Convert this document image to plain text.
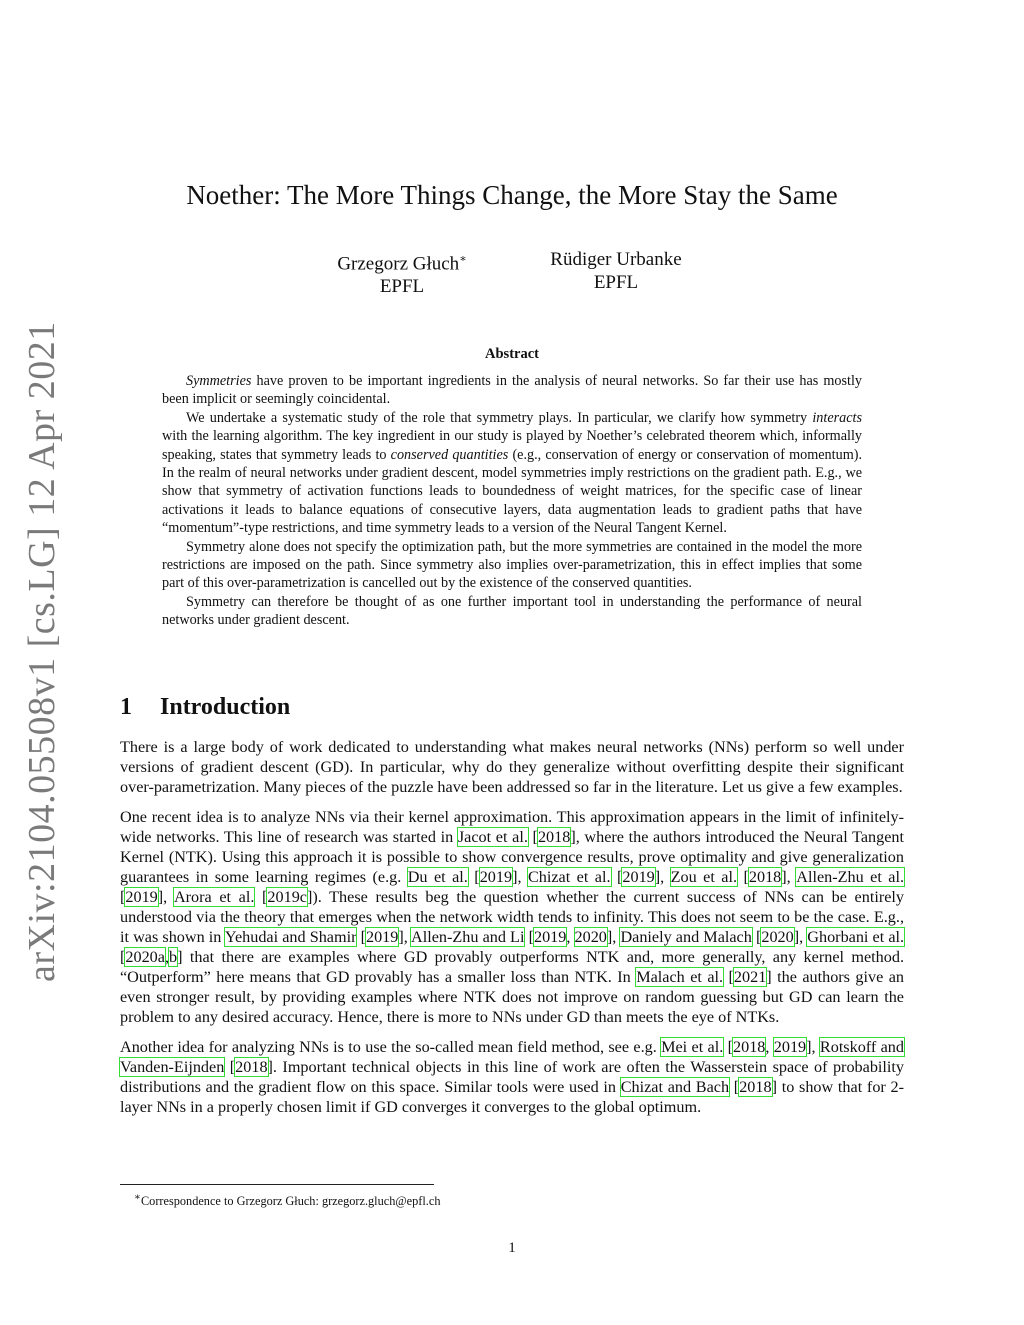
arXiv:2104.05508v1 [cs.LG] 12 Apr 2021
Noether: The More Things Change, the More Stay the Same
Grzegorz Głuch∗
EPFL
Rüdiger Urbanke
EPFL
Abstract

Symmetries have proven to be important ingredients in the analysis of neural networks. So far their use has mostly been implicit or seemingly coincidental.

We undertake a systematic study of the role that symmetry plays. In particular, we clarify how symmetry interacts with the learning algorithm. The key ingredient in our study is played by Noether’s celebrated theorem which, informally speaking, states that symmetry leads to conserved quantities (e.g., conservation of energy or conservation of momentum). In the realm of neural networks under gradient descent, model symmetries imply restrictions on the gradient path. E.g., we show that symmetry of activation functions leads to boundedness of weight matrices, for the specific case of linear activations it leads to balance equations of consecutive layers, data augmentation leads to gradient paths that have “momentum”-type restrictions, and time symmetry leads to a version of the Neural Tangent Kernel.

Symmetry alone does not specify the optimization path, but the more symmetries are contained in the model the more restrictions are imposed on the path. Since symmetry also implies over-parametrization, this in effect implies that some part of this over-parametrization is cancelled out by the existence of the conserved quantities.

Symmetry can therefore be thought of as one further important tool in understanding the performance of neural networks under gradient descent.

1 Introduction

There is a large body of work dedicated to understanding what makes neural networks (NNs) perform so well under versions of gradient descent (GD). In particular, why do they generalize without overfitting despite their significant over-parametrization. Many pieces of the puzzle have been addressed so far in the literature. Let us give a few examples.

One recent idea is to analyze NNs via their kernel approximation. This approximation appears in the limit of infinitely-wide networks. This line of research was started in Jacot et al. [2018], where the authors introduced the Neural Tangent Kernel (NTK). Using this approach it is possible to show convergence results, prove optimality and give generalization guarantees in some learning regimes (e.g. Du et al. [2019], Chizat et al. [2019], Zou et al. [2018], Allen-Zhu et al. [2019], Arora et al. [2019c]). These results beg the question whether the current success of NNs can be entirely understood via the theory that emerges when the network width tends to infinity. This does not seem to be the case. E.g., it was shown in Yehudai and Shamir [2019], Allen-Zhu and Li [2019, 2020], Daniely and Malach [2020], Ghorbani et al. [2020a,b] that there are examples where GD provably outperforms NTK and, more generally, any kernel method. “Outperform” here means that GD provably has a smaller loss than NTK. In Malach et al. [2021] the authors give an even stronger result, by providing examples where NTK does not improve on random guessing but GD can learn the problem to any desired accuracy. Hence, there is more to NNs under GD than meets the eye of NTKs.

Another idea for analyzing NNs is to use the so-called mean field method, see e.g. Mei et al. [2018, 2019], Rotskoff and Vanden-Eijnden [2018]. Important technical objects in this line of work are often the Wasserstein space of probability distributions and the gradient flow on this space. Similar tools were used in Chizat and Bach [2018] to show that for 2-layer NNs in a properly chosen limit if GD converges it converges to the global optimum.

∗Correspondence to Grzegorz Głuch: grzegorz.gluch@epfl.ch
1
